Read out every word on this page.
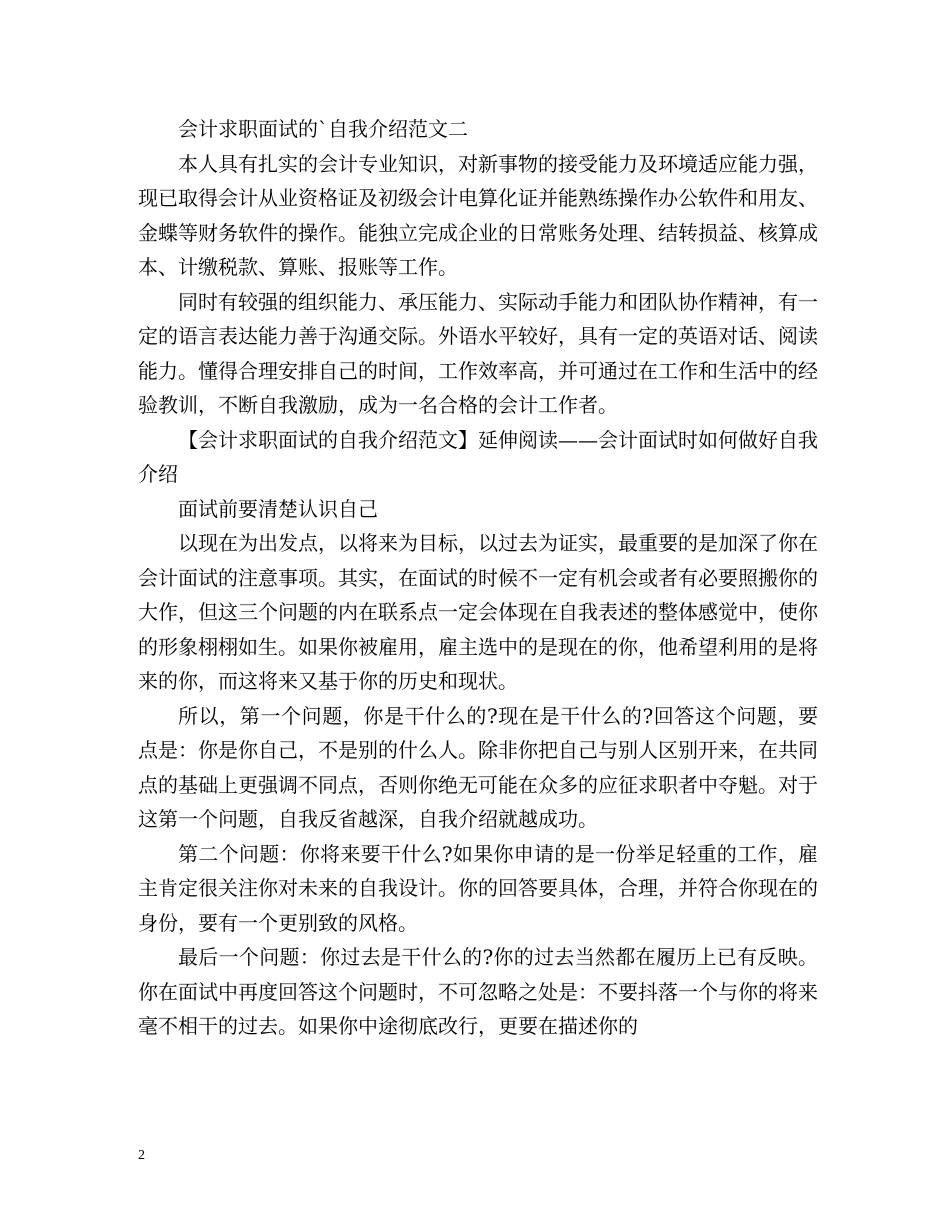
会计求职面试的`自我介绍范文二

本人具有扎实的会计专业知识，对新事物的接受能力及环境适应能力强，现已取得会计从业资格证及初级会计电算化证并能熟练操作办公软件和用友、金蝶等财务软件的操作。能独立完成企业的日常账务处理、结转损益、核算成本、计缴税款、算账、报账等工作。

同时有较强的组织能力、承压能力、实际动手能力和团队协作精神，有一定的语言表达能力善于沟通交际。外语水平较好，具有一定的英语对话、阅读能力。懂得合理安排自己的时间，工作效率高，并可通过在工作和生活中的经验教训，不断自我激励，成为一名合格的会计工作者。

【会计求职面试的自我介绍范文】延伸阅读——会计面试时如何做好自我介绍

面试前要清楚认识自己

以现在为出发点，以将来为目标，以过去为证实，最重要的是加深了你在会计面试的注意事项。其实，在面试的时候不一定有机会或者有必要照搬你的大作，但这三个问题的内在联系点一定会体现在自我表述的整体感觉中，使你的形象栩栩如生。如果你被雇用，雇主选中的是现在的你，他希望利用的是将来的你，而这将来又基于你的历史和现状。

所以，第一个问题，你是干什么的?现在是干什么的?回答这个问题，要点是：你是你自己，不是别的什么人。除非你把自己与别人区别开来，在共同点的基础上更强调不同点，否则你绝无可能在众多的应征求职者中夺魁。对于这第一个问题，自我反省越深，自我介绍就越成功。

第二个问题：你将来要干什么?如果你申请的是一份举足轻重的工作，雇主肯定很关注你对未来的自我设计。你的回答要具体，合理，并符合你现在的身份，要有一个更别致的风格。

最后一个问题：你过去是干什么的?你的过去当然都在履历上已有反映。你在面试中再度回答这个问题时，不可忽略之处是：不要抖落一个与你的将来毫不相干的过去。如果你中途彻底改行，更要在描述你的

2
